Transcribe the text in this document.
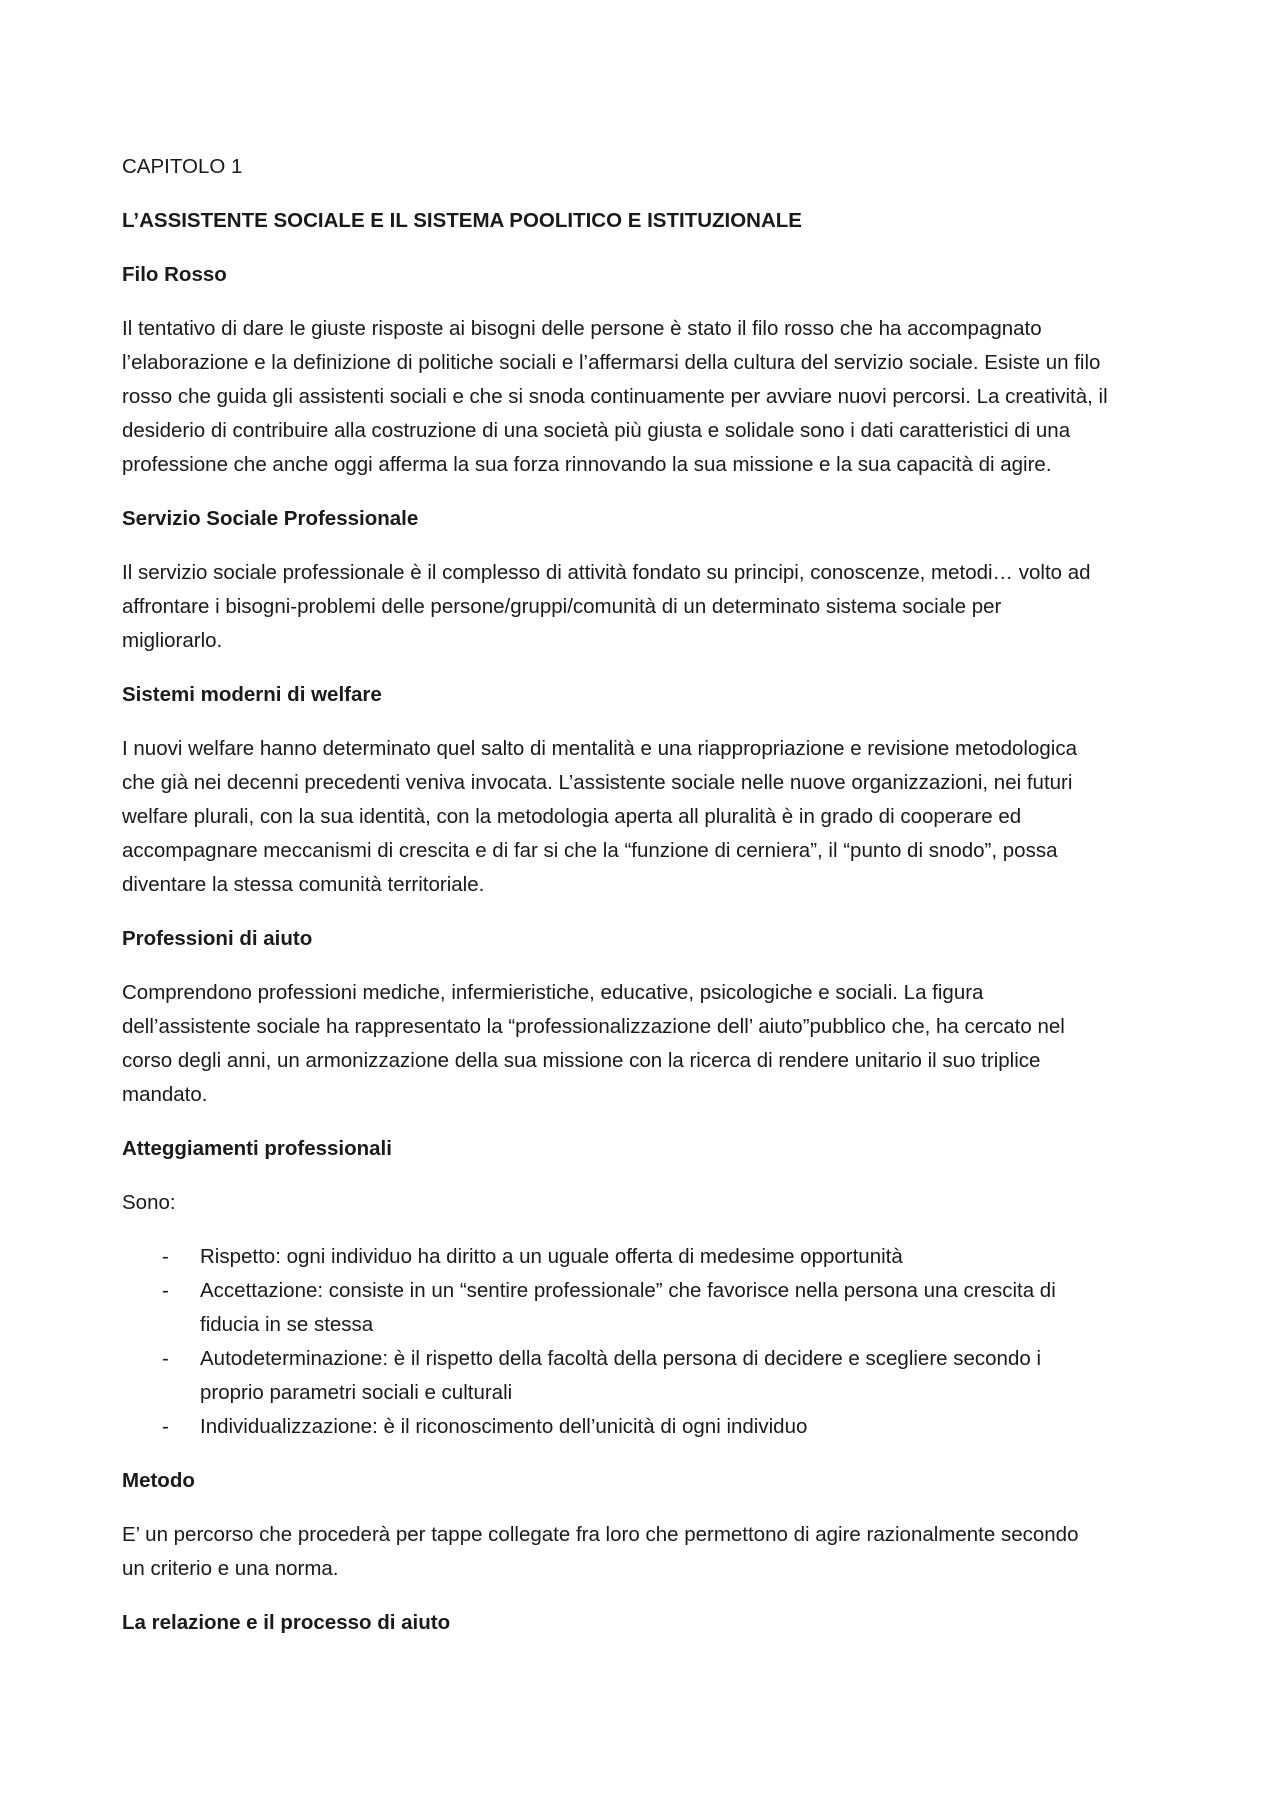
CAPITOLO 1

L’ASSISTENTE SOCIALE E IL SISTEMA POOLITICO E ISTITUZIONALE

Filo Rosso

Il tentativo di dare le giuste risposte ai bisogni delle persone è stato il filo rosso che ha accompagnato
l’elaborazione e la definizione di politiche sociali e l’affermarsi della cultura del servizio sociale. Esiste un filo
rosso che guida gli assistenti sociali e che si snoda continuamente per avviare nuovi percorsi. La creatività, il
desiderio di contribuire alla costruzione di una società più giusta e solidale sono i dati caratteristici di una
professione che anche oggi afferma la sua forza rinnovando la sua missione e la sua capacità di agire.

Servizio Sociale Professionale

Il servizio sociale professionale è il complesso di attività fondato su principi, conoscenze, metodi… volto ad
affrontare i bisogni-problemi delle persone/gruppi/comunità di un determinato sistema sociale per
migliorarlo.

Sistemi moderni di welfare

I nuovi welfare hanno determinato quel salto di mentalità e una riappropriazione e revisione metodologica
che già nei decenni precedenti veniva invocata. L’assistente sociale nelle nuove organizzazioni, nei futuri
welfare plurali, con la sua identità, con la metodologia aperta all pluralità è in grado di cooperare ed
accompagnare meccanismi di crescita e di far si che la “funzione di cerniera”, il “punto di snodo”, possa
diventare la stessa comunità territoriale.

Professioni di aiuto

Comprendono professioni mediche, infermieristiche, educative, psicologiche e sociali. La figura
dell’assistente sociale ha rappresentato la “professionalizzazione dell’ aiuto”pubblico che, ha cercato nel
corso degli anni, un armonizzazione della sua missione con la ricerca di rendere unitario il suo triplice
mandato.

Atteggiamenti professionali

Sono:

- Rispetto: ogni individuo ha diritto a un uguale offerta di medesime opportunità
- Accettazione: consiste in un “sentire professionale” che favorisce nella persona una crescita di
fiducia in se stessa
- Autodeterminazione: è il rispetto della facoltà della persona di decidere e scegliere secondo i
proprio parametri sociali e culturali
- Individualizzazione: è il riconoscimento dell’unicità di ogni individuo

Metodo

E’ un percorso che procederà per tappe collegate fra loro che permettono di agire razionalmente secondo
un criterio e una norma.

La relazione e il processo di aiuto
